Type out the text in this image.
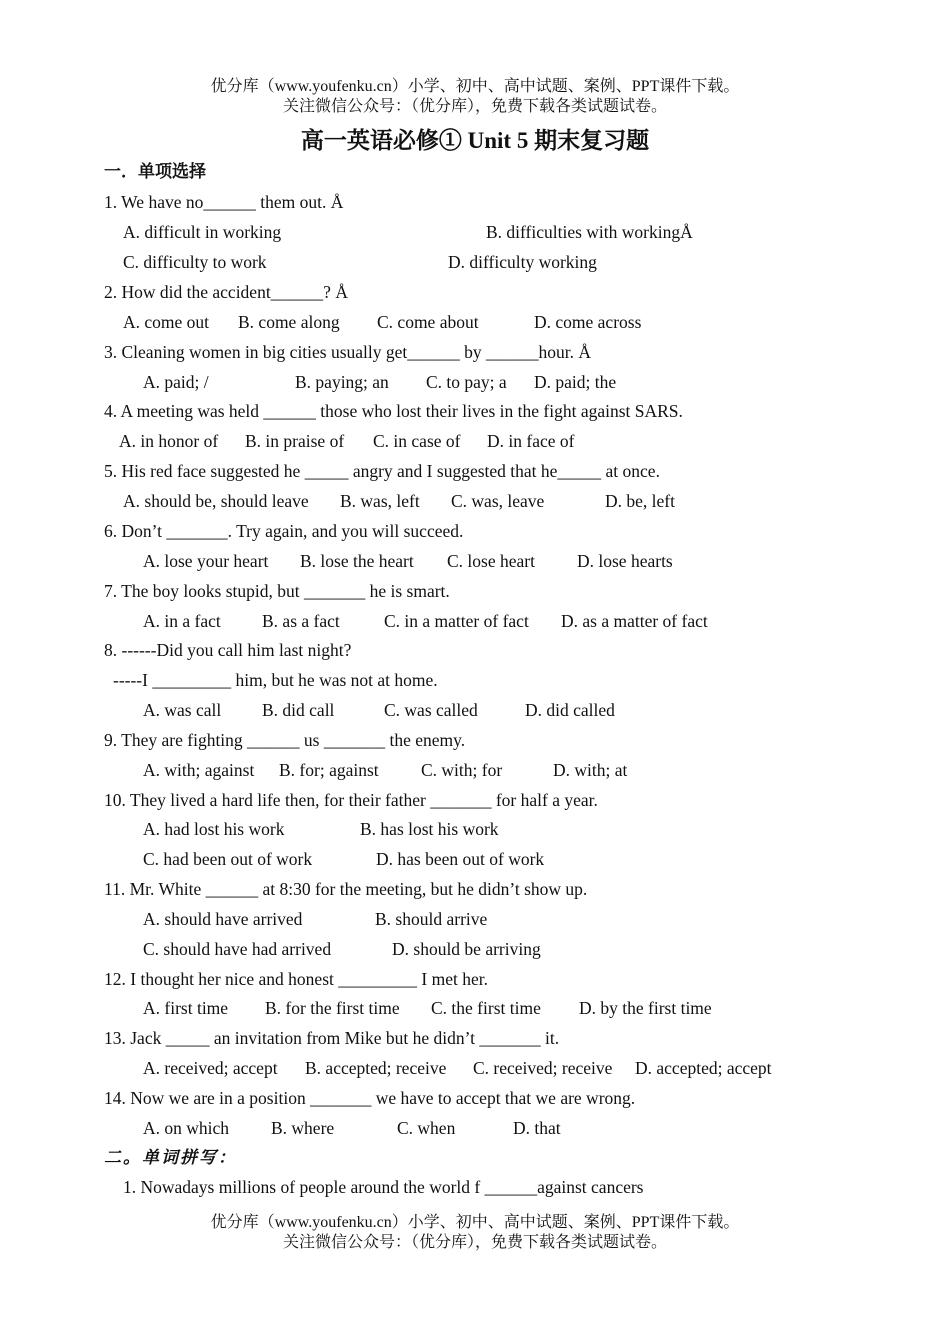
优分库（www.youfenku.cn）小学、初中、高中试题、案例、PPT课件下载。
关注微信公众号：（优分库），免费下载各类试题试卷。
高一英语必修① Unit 5 期末复习题
一．单项选择
1. We have no______ them out. Å
A. difficult in working	B. difficulties with workingÅ
C. difficulty to work	D. difficulty working
2. How did the accident______? Å
A. come out B. come along C. come about	D. come across
3. Cleaning women in big cities usually get______ by ______hour. Å
A. paid; /	B. paying; an C. to pay; a D. paid; the
4. A meeting was held ______ those who lost their lives in the fight against SARS.
A. in honor of B. in praise of C. in case of D. in face of
5. His red face suggested he _____ angry and I suggested that he_____ at once.
A. should be, should leave B. was, left C. was, leave	D. be, left
6. Don’t _______. Try again, and you will succeed.
A. lose your heart B. lose the heart C. lose heart D. lose hearts
7. The boy looks stupid, but _______ he is smart.
A. in a fact B. as a fact	C. in a matter of fact D. as a matter of fact
8. ------Did you call him last night?
-----I _________ him, but he was not at home.
A. was call B. did call	C. was called	D. did called
9. They are fighting ______ us _______ the enemy.
A. with; against B. for; against C. with; for	D. with; at
10. They lived a hard life then, for their father _______ for half a year.
A. had lost his work	B. has lost his work
C. had been out of work	D. has been out of work
11. Mr. White ______ at 8:30 for the meeting, but he didn’t show up.
A. should have arrived	B. should arrive
C. should have had arrived	D. should be arriving
12. I thought her nice and honest _________ I met her.
A. first time B. for the first time C. the first time D. by the first time
13. Jack _____ an invitation from Mike but he didn’t _______ it.
A. received; accept B. accepted; receive C. received; receive D. accepted; accept
14. Now we are in a position _______ we have to accept that we are wrong.
A. on which B. where	C. when	D. that
二。单词拼写：
1. Nowadays millions of people around the world f ______against cancers
优分库（www.youfenku.cn）小学、初中、高中试题、案例、PPT课件下载。
关注微信公众号：（优分库），免费下载各类试题试卷。
